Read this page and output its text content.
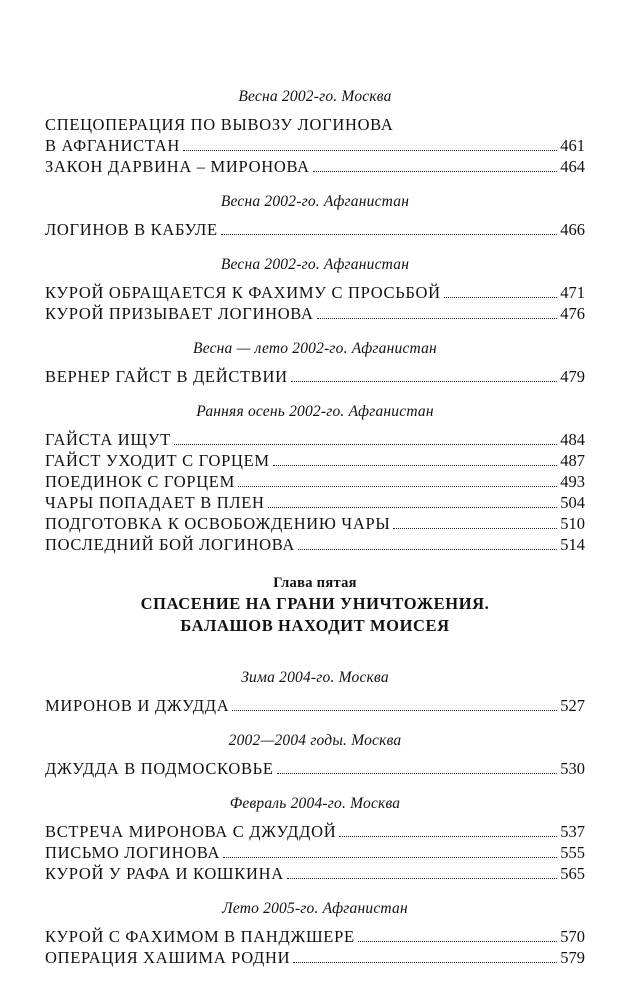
Весна 2002-го. Москва
СПЕЦОПЕРАЦИЯ ПО ВЫВОЗУ ЛОГИНОВА
В АФГАНИСТАН	461
ЗАКОН ДАРВИНА – МИРОНОВА	464
Весна 2002-го. Афганистан
ЛОГИНОВ В КАБУЛЕ	466
Весна 2002-го. Афганистан
КУРОЙ ОБРАЩАЕТСЯ К ФАХИМУ С ПРОСЬБОЙ	471
КУРОЙ ПРИЗЫВАЕТ ЛОГИНОВА	476
Весна — лето 2002-го. Афганистан
ВЕРНЕР ГАЙСТ В ДЕЙСТВИИ	479
Ранняя осень 2002-го. Афганистан
ГАЙСТА ИЩУТ	484
ГАЙСТ УХОДИТ С ГОРЦЕМ	487
ПОЕДИНОК С ГОРЦЕМ	493
ЧАРЫ ПОПАДАЕТ В ПЛЕН	504
ПОДГОТОВКА К ОСВОБОЖДЕНИЮ ЧАРЫ	510
ПОСЛЕДНИЙ БОЙ ЛОГИНОВА	514
Глава пятая
СПАСЕНИЕ НА ГРАНИ УНИЧТОЖЕНИЯ.
БАЛАШОВ НАХОДИТ МОИСЕЯ
Зима 2004-го. Москва
МИРОНОВ И ДЖУДДА	527
2002—2004 годы. Москва
ДЖУДДА В ПОДМОСКОВЬЕ	530
Февраль 2004-го. Москва
ВСТРЕЧА МИРОНОВА С ДЖУДДОЙ	537
ПИСЬМО ЛОГИНОВА	555
КУРОЙ У РАФА И КОШКИНА	565
Лето 2005-го. Афганистан
КУРОЙ С ФАХИМОМ В ПАНДЖШЕРЕ	570
ОПЕРАЦИЯ ХАШИМА РОДНИ	579
